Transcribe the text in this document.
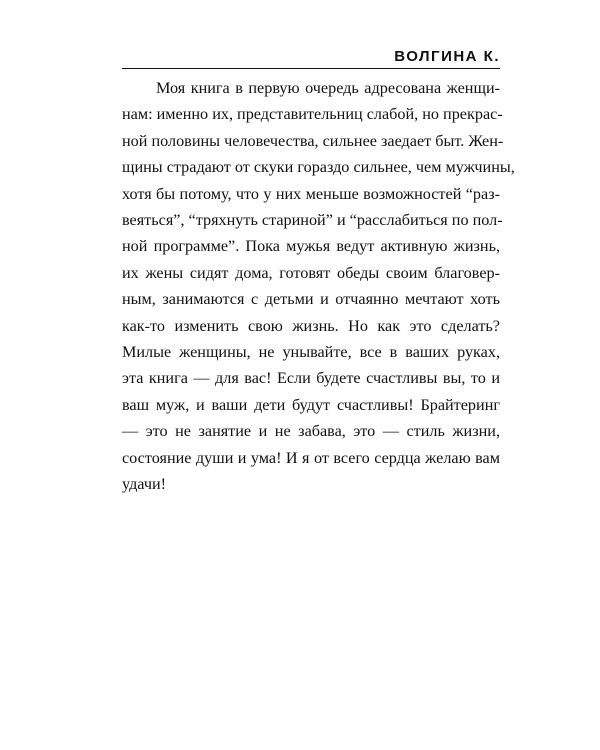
ВОЛГИНА К.

Моя книга в первую очередь адресована женщи-
нам: именно их, представительниц слабой, но прекрас-
ной половины человечества, сильнее заедает быт. Жен-
щины страдают от скуки гораздо сильнее, чем мужчины,
хотя бы потому, что у них меньше возможностей “раз-
веяться”, “тряхнуть стариной” и “расслабиться по пол-
ной программе”. Пока мужья ведут активную жизнь,
их жены сидят дома, готовят обеды своим благовер-
ным, занимаются с детьми и отчаянно мечтают хоть
как-то изменить свою жизнь. Но как это сделать?
Милые женщины, не унывайте, все в ваших руках,
эта книга — для вас! Если будете счастливы вы, то и
ваш муж, и ваши дети будут счастливы! Брайтеринг
— это не занятие и не забава, это — стиль жизни,
состояние души и ума! И я от всего сердца желаю вам
удачи!
